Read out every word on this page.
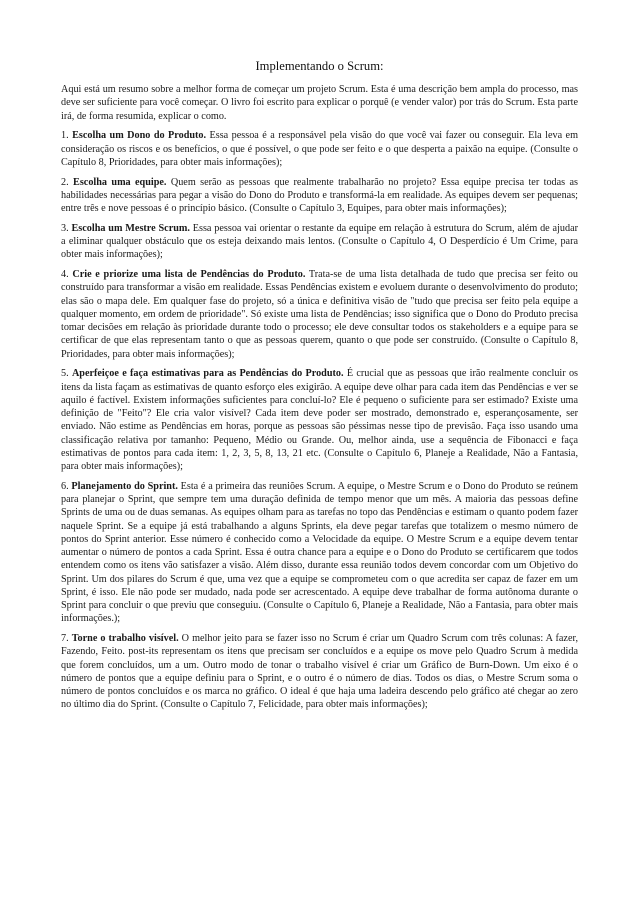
Implementando o Scrum:

Aqui está um resumo sobre a melhor forma de começar um projeto Scrum. Esta é uma descrição bem ampla do processo, mas deve ser suficiente para você começar. O livro foi escrito para explicar o porquê (e vender valor) por trás do Scrum. Esta parte irá, de forma resumida, explicar o como.

1. Escolha um Dono do Produto. Essa pessoa é a responsável pela visão do que você vai fazer ou conseguir. Ela leva em consideração os riscos e os benefícios, o que é possível, o que pode ser feito e o que desperta a paixão na equipe. (Consulte o Capítulo 8, Prioridades, para obter mais informações);

2. Escolha uma equipe. Quem serão as pessoas que realmente trabalharão no projeto? Essa equipe precisa ter todas as habilidades necessárias para pegar a visão do Dono do Produto e transformá-la em realidade. As equipes devem ser pequenas; entre três e nove pessoas é o princípio básico. (Consulte o Capítulo 3, Equipes, para obter mais informações);

3. Escolha um Mestre Scrum. Essa pessoa vai orientar o restante da equipe em relação à estrutura do Scrum, além de ajudar a eliminar qualquer obstáculo que os esteja deixando mais lentos. (Consulte o Capítulo 4, O Desperdício é Um Crime, para obter mais informações);

4. Crie e priorize uma lista de Pendências do Produto. Trata-se de uma lista detalhada de tudo que precisa ser feito ou construído para transformar a visão em realidade. Essas Pendências existem e evoluem durante o desenvolvimento do produto; elas são o mapa dele. Em qualquer fase do projeto, só a única e definitiva visão de "tudo que precisa ser feito pela equipe a qualquer momento, em ordem de prioridade". Só existe uma lista de Pendências; isso significa que o Dono do Produto precisa tomar decisões em relação às prioridade durante todo o processo; ele deve consultar todos os stakeholders e a equipe para se certificar de que elas representam tanto o que as pessoas querem, quanto o que pode ser construído. (Consulte o Capítulo 8, Prioridades, para obter mais informações);

5. Aperfeiçoe e faça estimativas para as Pendências do Produto. É crucial que as pessoas que irão realmente concluir os itens da lista façam as estimativas de quanto esforço eles exigirão. A equipe deve olhar para cada item das Pendências e ver se aquilo é factível. Existem informações suficientes para concluí-lo? Ele é pequeno o suficiente para ser estimado? Existe uma definição de "Feito"? Ele cria valor visível? Cada item deve poder ser mostrado, demonstrado e, esperançosamente, ser enviado. Não estime as Pendências em horas, porque as pessoas são péssimas nesse tipo de previsão. Faça isso usando uma classificação relativa por tamanho: Pequeno, Médio ou Grande. Ou, melhor ainda, use a sequência de Fibonacci e faça estimativas de pontos para cada item: 1, 2, 3, 5, 8, 13, 21 etc. (Consulte o Capítulo 6, Planeje a Realidade, Não a Fantasia, para obter mais informações);

6. Planejamento do Sprint. Esta é a primeira das reuniões Scrum. A equipe, o Mestre Scrum e o Dono do Produto se reúnem para planejar o Sprint, que sempre tem uma duração definida de tempo menor que um mês. A maioria das pessoas define Sprints de uma ou de duas semanas. As equipes olham para as tarefas no topo das Pendências e estimam o quanto podem fazer naquele Sprint. Se a equipe já está trabalhando a alguns Sprints, ela deve pegar tarefas que totalizem o mesmo número de pontos do Sprint anterior. Esse número é conhecido como a Velocidade da equipe. O Mestre Scrum e a equipe devem tentar aumentar o número de pontos a cada Sprint. Essa é outra chance para a equipe e o Dono do Produto se certificarem que todos entendem como os itens vão satisfazer a visão. Além disso, durante essa reunião todos devem concordar com um Objetivo do Sprint. Um dos pilares do Scrum é que, uma vez que a equipe se comprometeu com o que acredita ser capaz de fazer em um Sprint, é isso. Ele não pode ser mudado, nada pode ser acrescentado. A equipe deve trabalhar de forma autônoma durante o Sprint para concluir o que previu que conseguiu. (Consulte o Capítulo 6, Planeje a Realidade, Não a Fantasia, para obter mais informações.);

7. Torne o trabalho visível. O melhor jeito para se fazer isso no Scrum é criar um Quadro Scrum com três colunas: A fazer, Fazendo, Feito. post-its representam os itens que precisam ser concluídos e a equipe os move pelo Quadro Scrum à medida que forem concluídos, um a um. Outro modo de tonar o trabalho visível é criar um Gráfico de Burn-Down. Um eixo é o número de pontos que a equipe definiu para o Sprint, e o outro é o número de dias. Todos os dias, o Mestre Scrum soma o número de pontos concluídos e os marca no gráfico. O ideal é que haja uma ladeira descendo pelo gráfico até chegar ao zero no último dia do Sprint. (Consulte o Capítulo 7, Felicidade, para obter mais informações);
